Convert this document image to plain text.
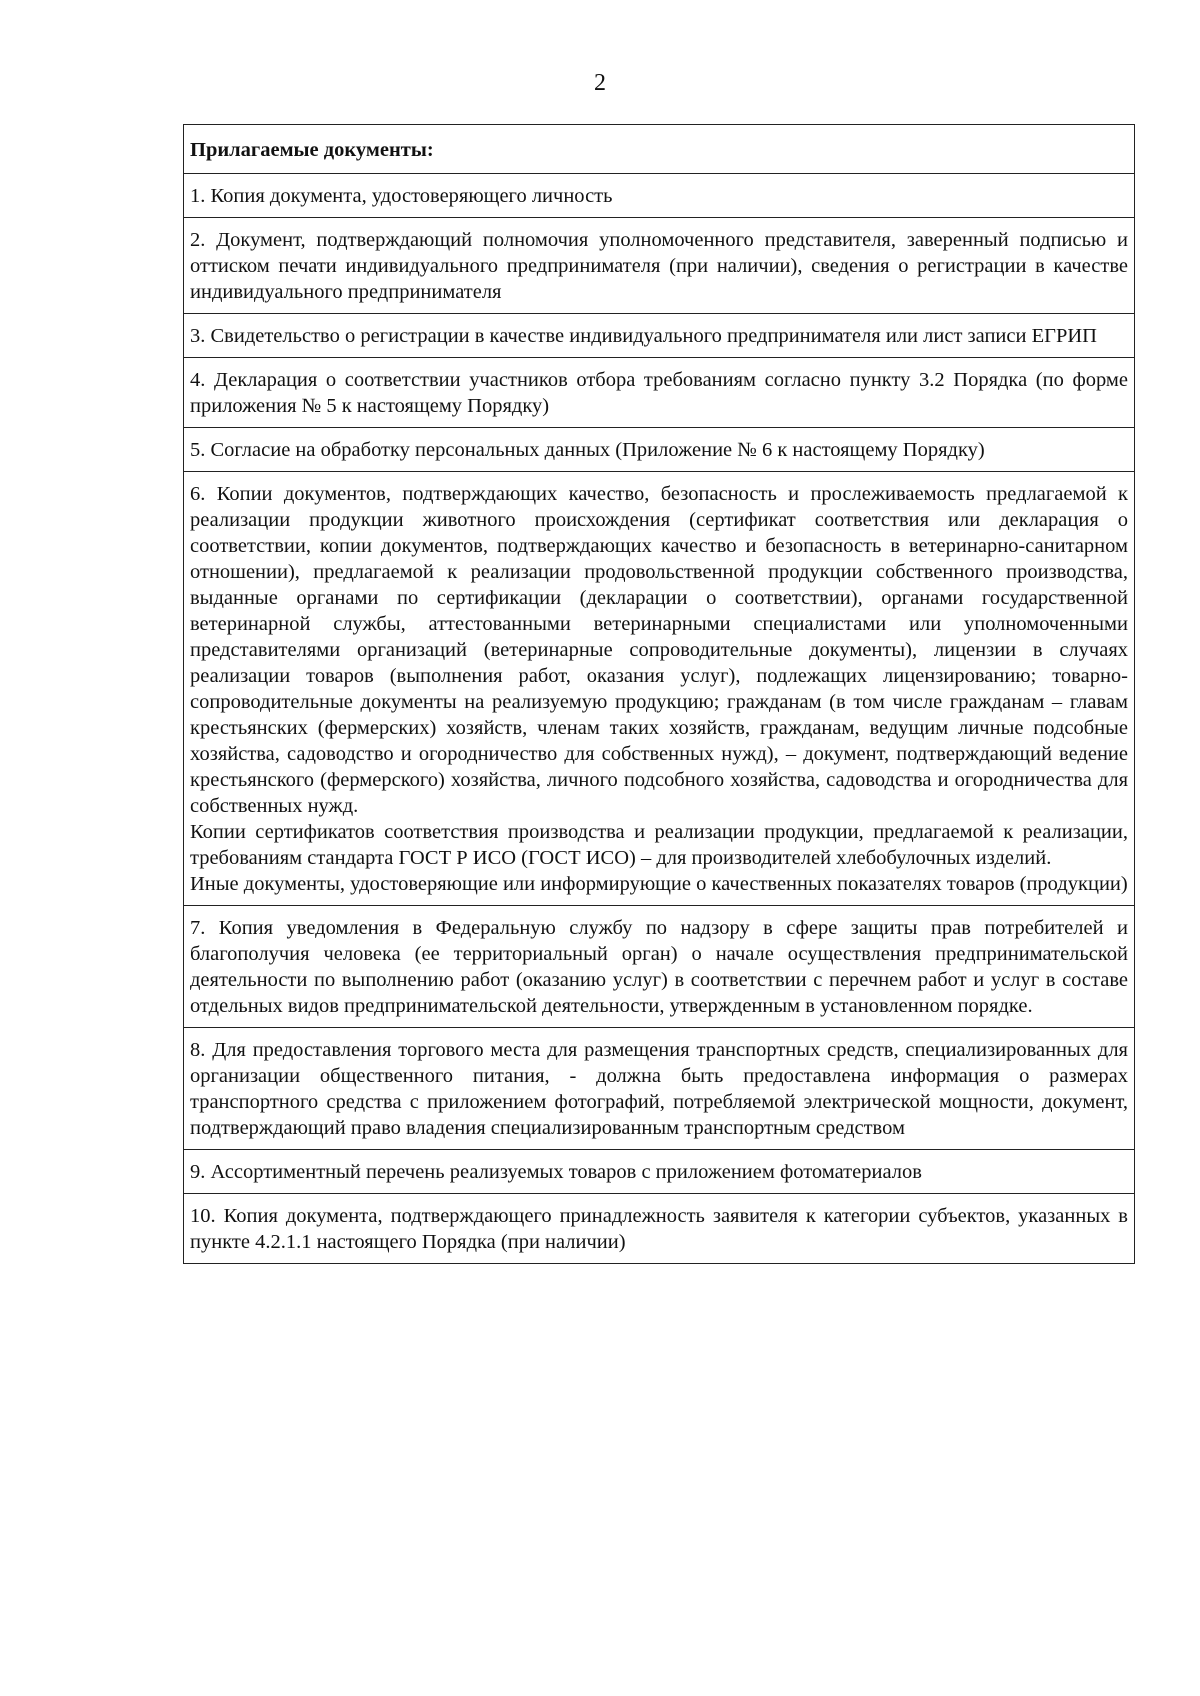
2
Прилагаемые документы:
1. Копия документа, удостоверяющего личность
2. Документ, подтверждающий полномочия уполномоченного представителя, заверенный подписью и оттиском печати индивидуального предпринимателя (при наличии), сведения о регистрации в качестве индивидуального предпринимателя
3. Свидетельство о регистрации в качестве индивидуального предпринимателя или лист записи ЕГРИП
4. Декларация о соответствии участников отбора требованиям согласно пункту 3.2 Порядка (по форме приложения № 5 к настоящему Порядку)
5. Согласие на обработку персональных данных (Приложение № 6 к настоящему Порядку)

6. Копии документов, подтверждающих качество, безопасность и прослеживаемость предлагаемой к реализации продукции животного происхождения (сертификат соответствия или декларация о соответствии, копии документов, подтверждающих качество и безопасность в ветеринарно-санитарном отношении), предлагаемой к реализации продовольственной продукции собственного производства, выданные органами по сертификации (декларации о соответствии), органами государственной ветеринарной службы, аттестованными ветеринарными специалистами или уполномоченными представителями организаций (ветеринарные сопроводительные документы), лицензии в случаях реализации товаров (выполнения работ, оказания услуг), подлежащих лицензированию; товарно-сопроводительные документы на реализуемую продукцию; гражданам (в том числе гражданам – главам крестьянских (фермерских) хозяйств, членам таких хозяйств, гражданам, ведущим личные подсобные хозяйства, садоводство и огородничество для собственных нужд), – документ, подтверждающий ведение крестьянского (фермерского) хозяйства, личного подсобного хозяйства, садоводства и огородничества для собственных нужд.
Копии сертификатов соответствия производства и реализации продукции, предлагаемой к реализации, требованиям стандарта ГОСТ Р ИСО (ГОСТ ИСО) – для производителей хлебобулочных изделий.
Иные документы, удостоверяющие или информирующие о качественных показателях товаров (продукции)

7. Копия уведомления в Федеральную службу по надзору в сфере защиты прав потребителей и благополучия человека (ее территориальный орган) о начале осуществления предпринимательской деятельности по выполнению работ (оказанию услуг) в соответствии с перечнем работ и услуг в составе отдельных видов предпринимательской деятельности, утвержденным в установленном порядке.
8. Для предоставления торгового места для размещения транспортных средств, специализированных для организации общественного питания, - должна быть предоставлена информация о размерах транспортного средства с приложением фотографий, потребляемой электрической мощности, документ, подтверждающий право владения специализированным транспортным средством
9. Ассортиментный перечень реализуемых товаров с приложением фотоматериалов
10. Копия документа, подтверждающего принадлежность заявителя к категории субъектов, указанных в пункте 4.2.1.1 настоящего Порядка (при наличии)
